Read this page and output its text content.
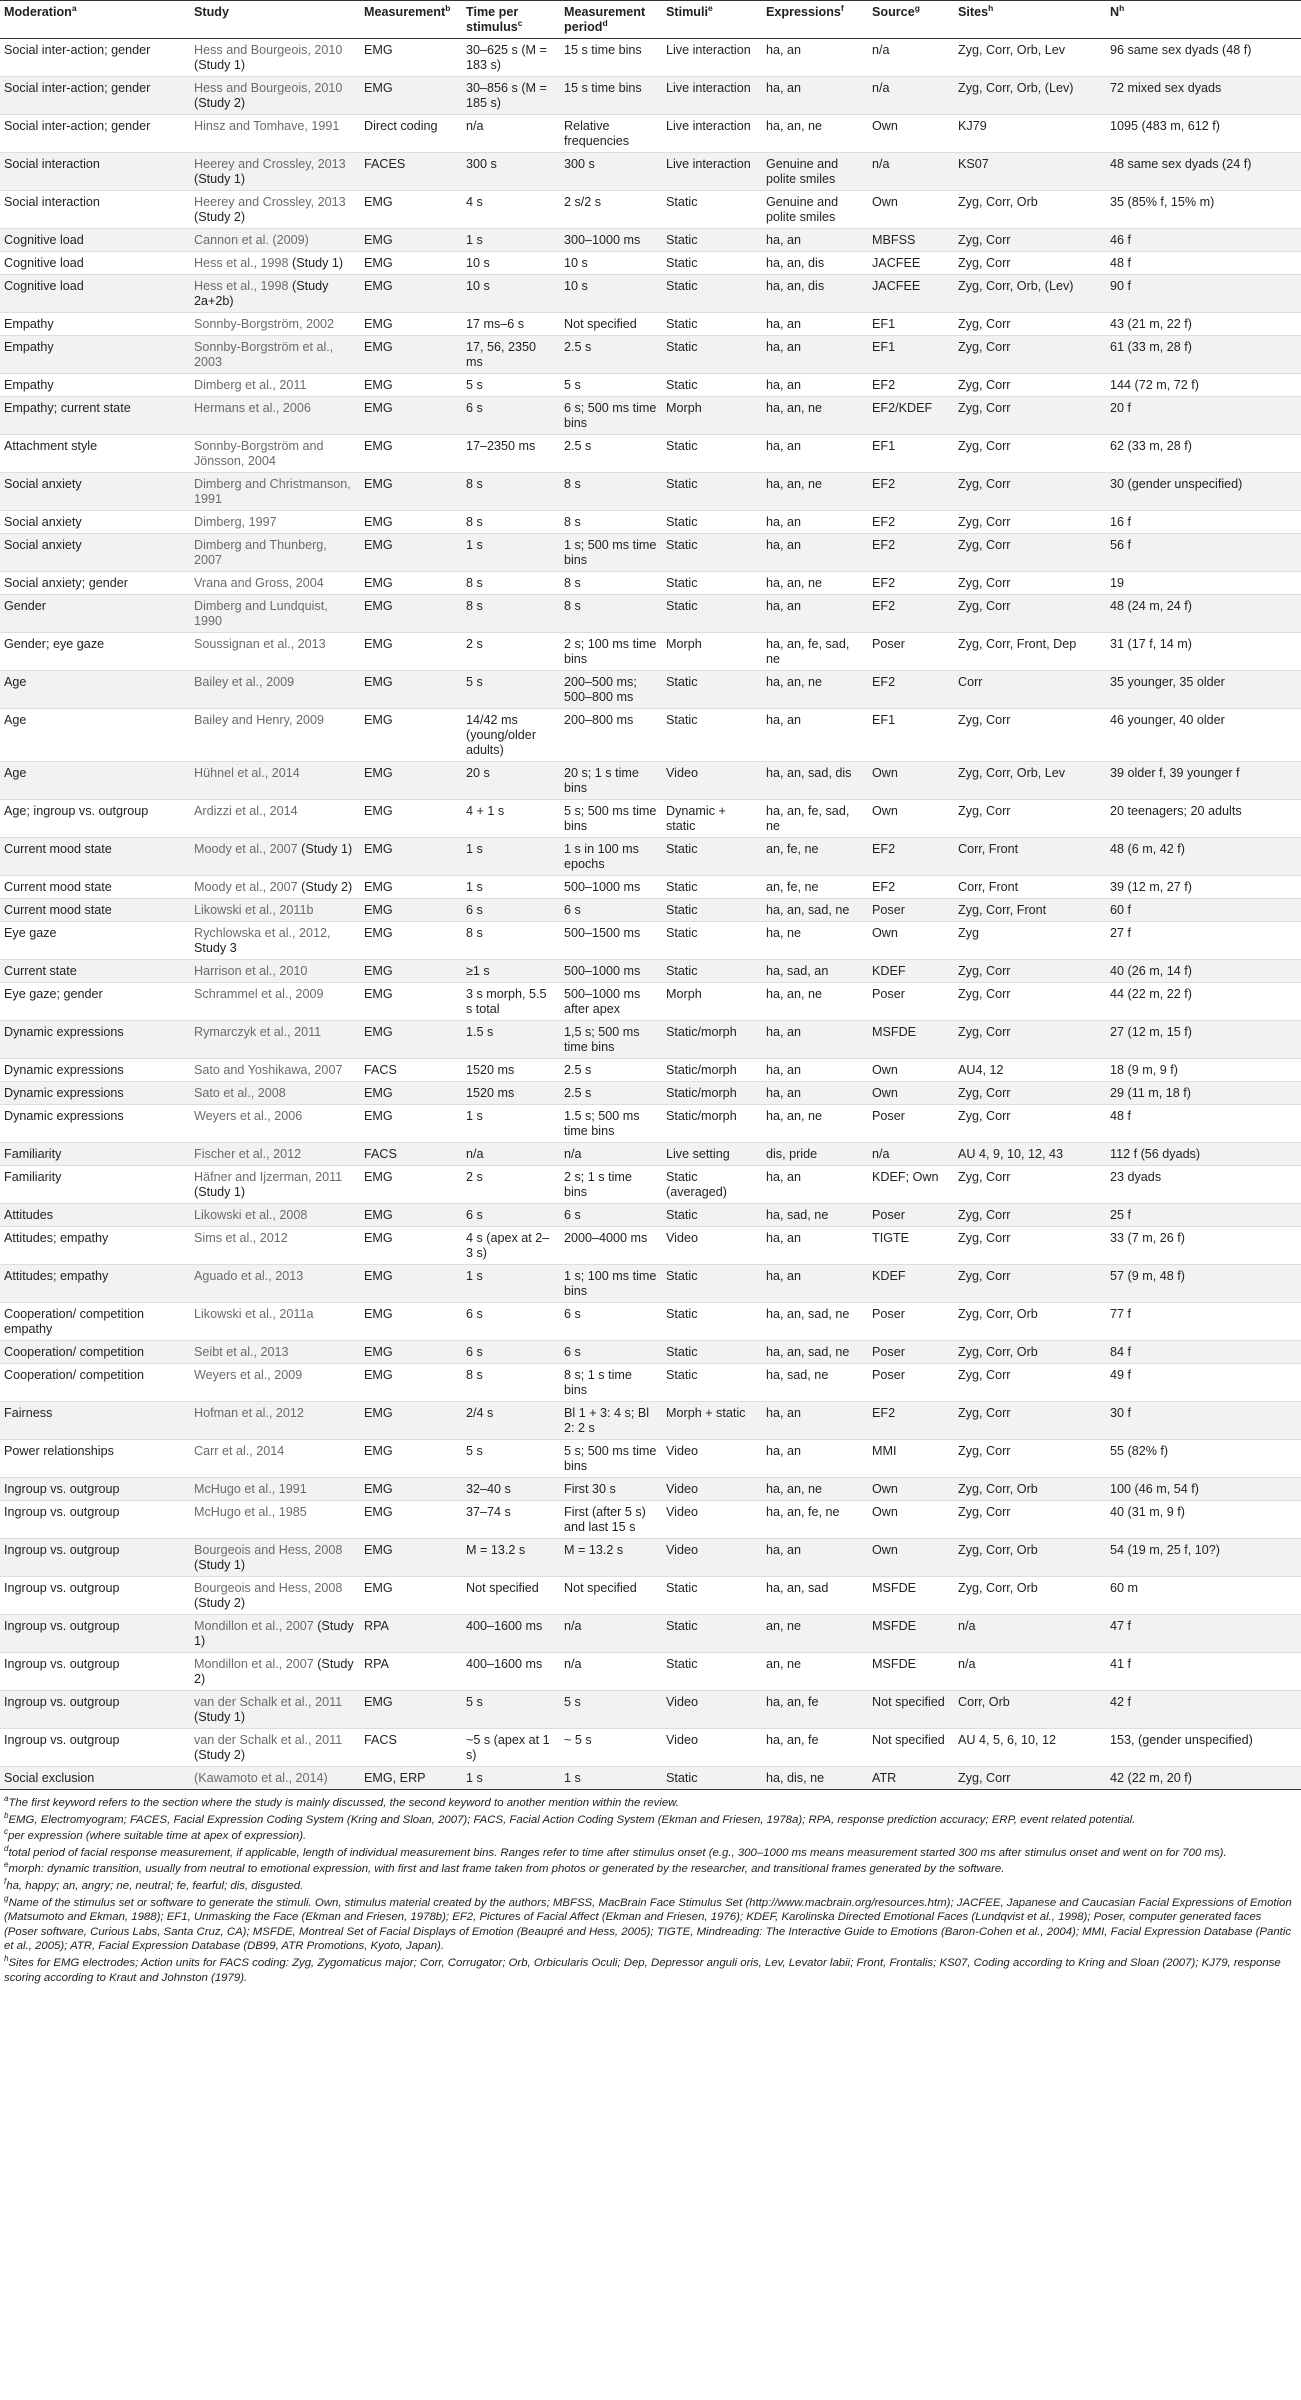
Moderation$^a$	Study	Measurement$^b$	Time per stimulus$^c$	Measurement period$^d$	Stimuli$^e$	Expressions$^f$	Source$^g$	Sites$^h$	$N^h$
Social inter-action; gender	Hess and Bourgeois, 2010 (Study 1)	EMG	30–625 s (M = 183 s)	15 s time bins	Live interaction	ha, an	n/a	Zyg, Corr, Orb, Lev	96 same sex dyads (48 f)
Social inter-action; gender	Hess and Bourgeois, 2010 (Study 2)	EMG	30–856 s (M = 185 s)	15 s time bins	Live interaction	ha, an	n/a	Zyg, Corr, Orb, (Lev)	72 mixed sex dyads
Social inter-action; gender	Hinsz and Tomhave, 1991	Direct coding	n/a	Relative frequencies	Live interaction	ha, an, ne	Own	KJ79	1095 (483 m, 612 f)
Social interaction	Heerey and Crossley, 2013 (Study 1)	FACES	300 s	300 s	Live interaction	Genuine and polite smiles	n/a	KS07	48 same sex dyads (24 f)
Social interaction	Heerey and Crossley, 2013 (Study 2)	EMG	4 s	2 s/2 s	Static	Genuine and polite smiles	Own	Zyg, Corr, Orb	35 (85% f, 15% m)
Cognitive load	Cannon et al. (2009)	EMG	1 s	300–1000 ms	Static	ha, an	MBFSS	Zyg, Corr	46 f
Cognitive load	Hess et al., 1998 (Study 1)	EMG	10 s	10 s	Static	ha, an, dis	JACFEE	Zyg, Corr	48 f
Cognitive load	Hess et al., 1998 (Study 2a+2b)	EMG	10 s	10 s	Static	ha, an, dis	JACFEE	Zyg, Corr, Orb, (Lev)	90 f
Empathy	Sonnby-Borgström, 2002	EMG	17 ms–6 s	Not specified	Static	ha, an	EF1	Zyg, Corr	43 (21 m, 22 f)
Empathy	Sonnby-Borgström et al., 2003	EMG	17, 56, 2350 ms	2.5 s	Static	ha, an	EF1	Zyg, Corr	61 (33 m, 28 f)
Empathy	Dimberg et al., 2011	EMG	5 s	5 s	Static	ha, an	EF2	Zyg, Corr	144 (72 m, 72 f)
Empathy; current state	Hermans et al., 2006	EMG	6 s	6 s; 500 ms time bins	Morph	ha, an, ne	EF2/KDEF	Zyg, Corr	20 f
Attachment style	Sonnby-Borgström and Jönsson, 2004	EMG	17–2350 ms	2.5 s	Static	ha, an	EF1	Zyg, Corr	62 (33 m, 28 f)
Social anxiety	Dimberg and Christmanson, 1991	EMG	8 s	8 s	Static	ha, an, ne	EF2	Zyg, Corr	30 (gender unspecified)
Social anxiety	Dimberg, 1997	EMG	8 s	8 s	Static	ha, an	EF2	Zyg, Corr	16 f
Social anxiety	Dimberg and Thunberg, 2007	EMG	1 s	1 s; 500 ms time bins	Static	ha, an	EF2	Zyg, Corr	56 f
Social anxiety; gender	Vrana and Gross, 2004	EMG	8 s	8 s	Static	ha, an, ne	EF2	Zyg, Corr	19
Gender	Dimberg and Lundquist, 1990	EMG	8 s	8 s	Static	ha, an	EF2	Zyg, Corr	48 (24 m, 24 f)
Gender; eye gaze	Soussignan et al., 2013	EMG	2 s	2 s; 100 ms time bins	Morph	ha, an, fe, sad, ne	Poser	Zyg, Corr, Front, Dep	31 (17 f, 14 m)
Age	Bailey et al., 2009	EMG	5 s	200–500 ms; 500–800 ms	Static	ha, an, ne	EF2	Corr	35 younger, 35 older
Age	Bailey and Henry, 2009	EMG	14/42 ms (young/older adults)	200–800 ms	Static	ha, an	EF1	Zyg, Corr	46 younger, 40 older
Age	Hühnel et al., 2014	EMG	20 s	20 s; 1 s time bins	Video	ha, an, sad, dis	Own	Zyg, Corr, Orb, Lev	39 older f, 39 younger f
Age; ingroup vs. outgroup	Ardizzi et al., 2014	EMG	4 + 1 s	5 s; 500 ms time bins	Dynamic + static	ha, an, fe, sad, ne	Own	Zyg, Corr	20 teenagers; 20 adults
Current mood state	Moody et al., 2007 (Study 1)	EMG	1 s	1 s in 100 ms epochs	Static	an, fe, ne	EF2	Corr, Front	48 (6 m, 42 f)
Current mood state	Moody et al., 2007 (Study 2)	EMG	1 s	500–1000 ms	Static	an, fe, ne	EF2	Corr, Front	39 (12 m, 27 f)
Current mood state	Likowski et al., 2011b	EMG	6 s	6 s	Static	ha, an, sad, ne	Poser	Zyg, Corr, Front	60 f
Eye gaze	Rychlowska et al., 2012, Study 3	EMG	8 s	500–1500 ms	Static	ha, ne	Own	Zyg	27 f
Current state	Harrison et al., 2010	EMG	≥1 s	500–1000 ms	Static	ha, sad, an	KDEF	Zyg, Corr	40 (26 m, 14 f)
Eye gaze; gender	Schrammel et al., 2009	EMG	3 s morph, 5.5 s total	500–1000 ms after apex	Morph	ha, an, ne	Poser	Zyg, Corr	44 (22 m, 22 f)
Dynamic expressions	Rymarczyk et al., 2011	EMG	1.5 s	1,5 s; 500 ms time bins	Static/morph	ha, an	MSFDE	Zyg, Corr	27 (12 m, 15 f)
Dynamic expressions	Sato and Yoshikawa, 2007	FACS	1520 ms	2.5 s	Static/morph	ha, an	Own	AU4, 12	18 (9 m, 9 f)
Dynamic expressions	Sato et al., 2008	EMG	1520 ms	2.5 s	Static/morph	ha, an	Own	Zyg, Corr	29 (11 m, 18 f)
Dynamic expressions	Weyers et al., 2006	EMG	1 s	1.5 s; 500 ms time bins	Static/morph	ha, an, ne	Poser	Zyg, Corr	48 f
Familiarity	Fischer et al., 2012	FACS	n/a	n/a	Live setting	dis, pride	n/a	AU 4, 9, 10, 12, 43	112 f (56 dyads)
Familiarity	Häfner and Ijzerman, 2011 (Study 1)	EMG	2 s	2 s; 1 s time bins	Static (averaged)	ha, an	KDEF; Own	Zyg, Corr	23 dyads
Attitudes	Likowski et al., 2008	EMG	6 s	6 s	Static	ha, sad, ne	Poser	Zyg, Corr	25 f
Attitudes; empathy	Sims et al., 2012	EMG	4 s (apex at 2–3 s)	2000–4000 ms	Video	ha, an	TIGTE	Zyg, Corr	33 (7 m, 26 f)
Attitudes; empathy	Aguado et al., 2013	EMG	1 s	1 s; 100 ms time bins	Static	ha, an	KDEF	Zyg, Corr	57 (9 m, 48 f)
Cooperation/ competition empathy	Likowski et al., 2011a	EMG	6 s	6 s	Static	ha, an, sad, ne	Poser	Zyg, Corr, Orb	77 f
Cooperation/ competition	Seibt et al., 2013	EMG	6 s	6 s	Static	ha, an, sad, ne	Poser	Zyg, Corr, Orb	84 f
Cooperation/ competition	Weyers et al., 2009	EMG	8 s	8 s; 1 s time bins	Static	ha, sad, ne	Poser	Zyg, Corr	49 f
Fairness	Hofman et al., 2012	EMG	2/4 s	Bl 1 + 3: 4 s; Bl 2: 2 s	Morph + static	ha, an	EF2	Zyg, Corr	30 f
Power relationships	Carr et al., 2014	EMG	5 s	5 s; 500 ms time bins	Video	ha, an	MMI	Zyg, Corr	55 (82% f)
Ingroup vs. outgroup	McHugo et al., 1991	EMG	32–40 s	First 30 s	Video	ha, an, ne	Own	Zyg, Corr, Orb	100 (46 m, 54 f)
Ingroup vs. outgroup	McHugo et al., 1985	EMG	37–74 s	First (after 5 s) and last 15 s	Video	ha, an, fe, ne	Own	Zyg, Corr	40 (31 m, 9 f)
Ingroup vs. outgroup	Bourgeois and Hess, 2008 (Study 1)	EMG	M = 13.2 s	M = 13.2 s	Video	ha, an	Own	Zyg, Corr, Orb	54 (19 m, 25 f, 10?)
Ingroup vs. outgroup	Bourgeois and Hess, 2008 (Study 2)	EMG	Not specified	Not specified	Static	ha, an, sad	MSFDE	Zyg, Corr, Orb	60 m
Ingroup vs. outgroup	Mondillon et al., 2007 (Study 1)	RPA	400–1600 ms	n/a	Static	an, ne	MSFDE	n/a	47 f
Ingroup vs. outgroup	Mondillon et al., 2007 (Study 2)	RPA	400–1600 ms	n/a	Static	an, ne	MSFDE	n/a	41 f
Ingroup vs. outgroup	van der Schalk et al., 2011 (Study 1)	EMG	5 s	5 s	Video	ha, an, fe	Not specified	Corr, Orb	42 f
Ingroup vs. outgroup	van der Schalk et al., 2011 (Study 2)	FACS	~5 s (apex at 1 s)	~ 5 s	Video	ha, an, fe	Not specified	AU 4, 5, 6, 10, 12	153, (gender unspecified)
Social exclusion	(Kawamoto et al., 2014)	EMG, ERP	1 s	1 s	Static	ha, dis, ne	ATR	Zyg, Corr	42 (22 m, 20 f)

$^a$The first keyword refers to the section where the study is mainly discussed, the second keyword to another mention within the review.

$^b$EMG, Electromyogram; FACES, Facial Expression Coding System (Kring and Sloan, 2007); FACS, Facial Action Coding System (Ekman and Friesen, 1978a); RPA, response prediction accuracy; ERP, event related potential.

$^c$per expression (where suitable time at apex of expression).

$^d$total period of facial response measurement, if applicable, length of individual measurement bins. Ranges refer to time after stimulus onset (e.g., 300–1000 ms means measurement started 300 ms after stimulus onset and went on for 700 ms).

$^e$morph: dynamic transition, usually from neutral to emotional expression, with first and last frame taken from photos or generated by the researcher, and transitional frames generated by the software.

$^f$ha, happy; an, angry; ne, neutral; fe, fearful; dis, disgusted.

$^g$Name of the stimulus set or software to generate the stimuli. Own, stimulus material created by the authors; MBFSS, MacBrain Face Stimulus Set (http://www.macbrain.org/resources.htm); JACFEE, Japanese and Caucasian Facial Expressions of Emotion (Matsumoto and Ekman, 1988); EF1, Unmasking the Face (Ekman and Friesen, 1978b); EF2, Pictures of Facial Affect (Ekman and Friesen, 1976); KDEF, Karolinska Directed Emotional Faces (Lundqvist et al., 1998); Poser, computer generated faces (Poser software, Curious Labs, Santa Cruz, CA); MSFDE, Montreal Set of Facial Displays of Emotion (Beaupré and Hess, 2005); TIGTE, Mindreading: The Interactive Guide to Emotions (Baron-Cohen et al., 2004); MMI, Facial Expression Database (Pantic et al., 2005); ATR, Facial Expression Database (DB99, ATR Promotions, Kyoto, Japan).

$^h$Sites for EMG electrodes; Action units for FACS coding: Zyg, Zygomaticus major; Corr, Corrugator; Orb, Orbicularis Oculi; Dep, Depressor anguli oris, Lev, Levator labii; Front, Frontalis; KS07, Coding according to Kring and Sloan (2007); KJ79, response scoring according to Kraut and Johnston (1979).
